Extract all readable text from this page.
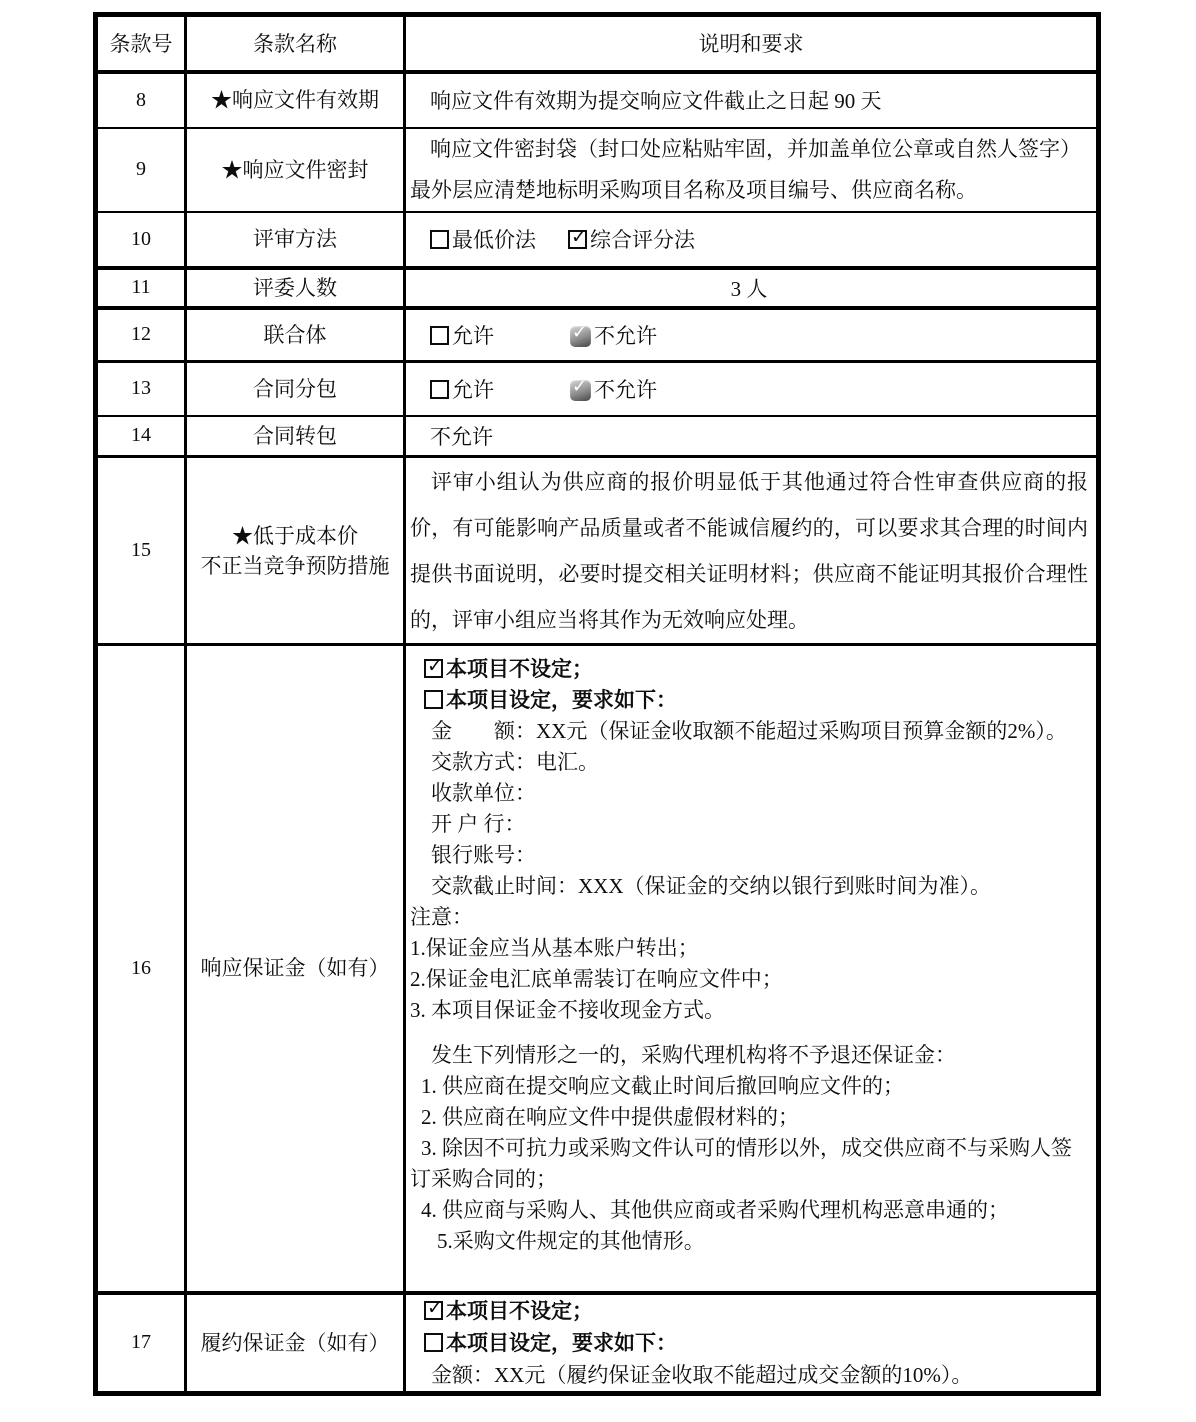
条款号	条款名称	说明和要求
8	★响应文件有效期	响应文件有效期为提交响应文件截止之日起 90 天

9	★响应文件密封	响应文件密封袋（封口处应粘贴牢固，并加盖单位公章或自然人签字）
最外层应清楚地标明采购项目名称及项目编号、供应商名称。

10	评审方法	最低价法 ✓ 综合评分法

11	评委人数	3 人
12	联合体	允许 ✓ 不允许

13	合同分包	允许 ✓ 不允许

14	合同转包	不允许

15	★低于成本价
不正当竞争预防措施	评审小组认为供应商的报价明显低于其他通过符合性审查供应商的报价，有可能影响产品质量或者不能诚信履约的，可以要求其合理的时间内提供书面说明，必要时提交相关证明材料；供应商不能证明其报价合理性的，评审小组应当将其作为无效响应处理。

16	响应保证金（如有）	
✓ 本项目不设定；
本项目设定，要求如下：
金　　额：XX元（保证金收取额不能超过采购项目预算金额的2%）。
交款方式：电汇。
收款单位：
开 户 行：
银行账号：
交款截止时间：XXX（保证金的交纳以银行到账时间为准）。
注意：
1.保证金应当从基本账户转出；
2.保证金电汇底单需装订在响应文件中；
3. 本项目保证金不接收现金方式。
发生下列情形之一的，采购代理机构将不予退还保证金：
1. 供应商在提交响应文截止时间后撤回响应文件的；
2. 供应商在响应文件中提供虚假材料的；
3. 除因不可抗力或采购文件认可的情形以外，成交供应商不与采购人签订采购合同的；
4. 供应商与采购人、其他供应商或者采购代理机构恶意串通的；
5.采购文件规定的其他情形。

17	履约保证金（如有）	✓ 本项目不设定；
本项目设定，要求如下：
金额：XX元（履约保证金收取不能超过成交金额的10%）。
